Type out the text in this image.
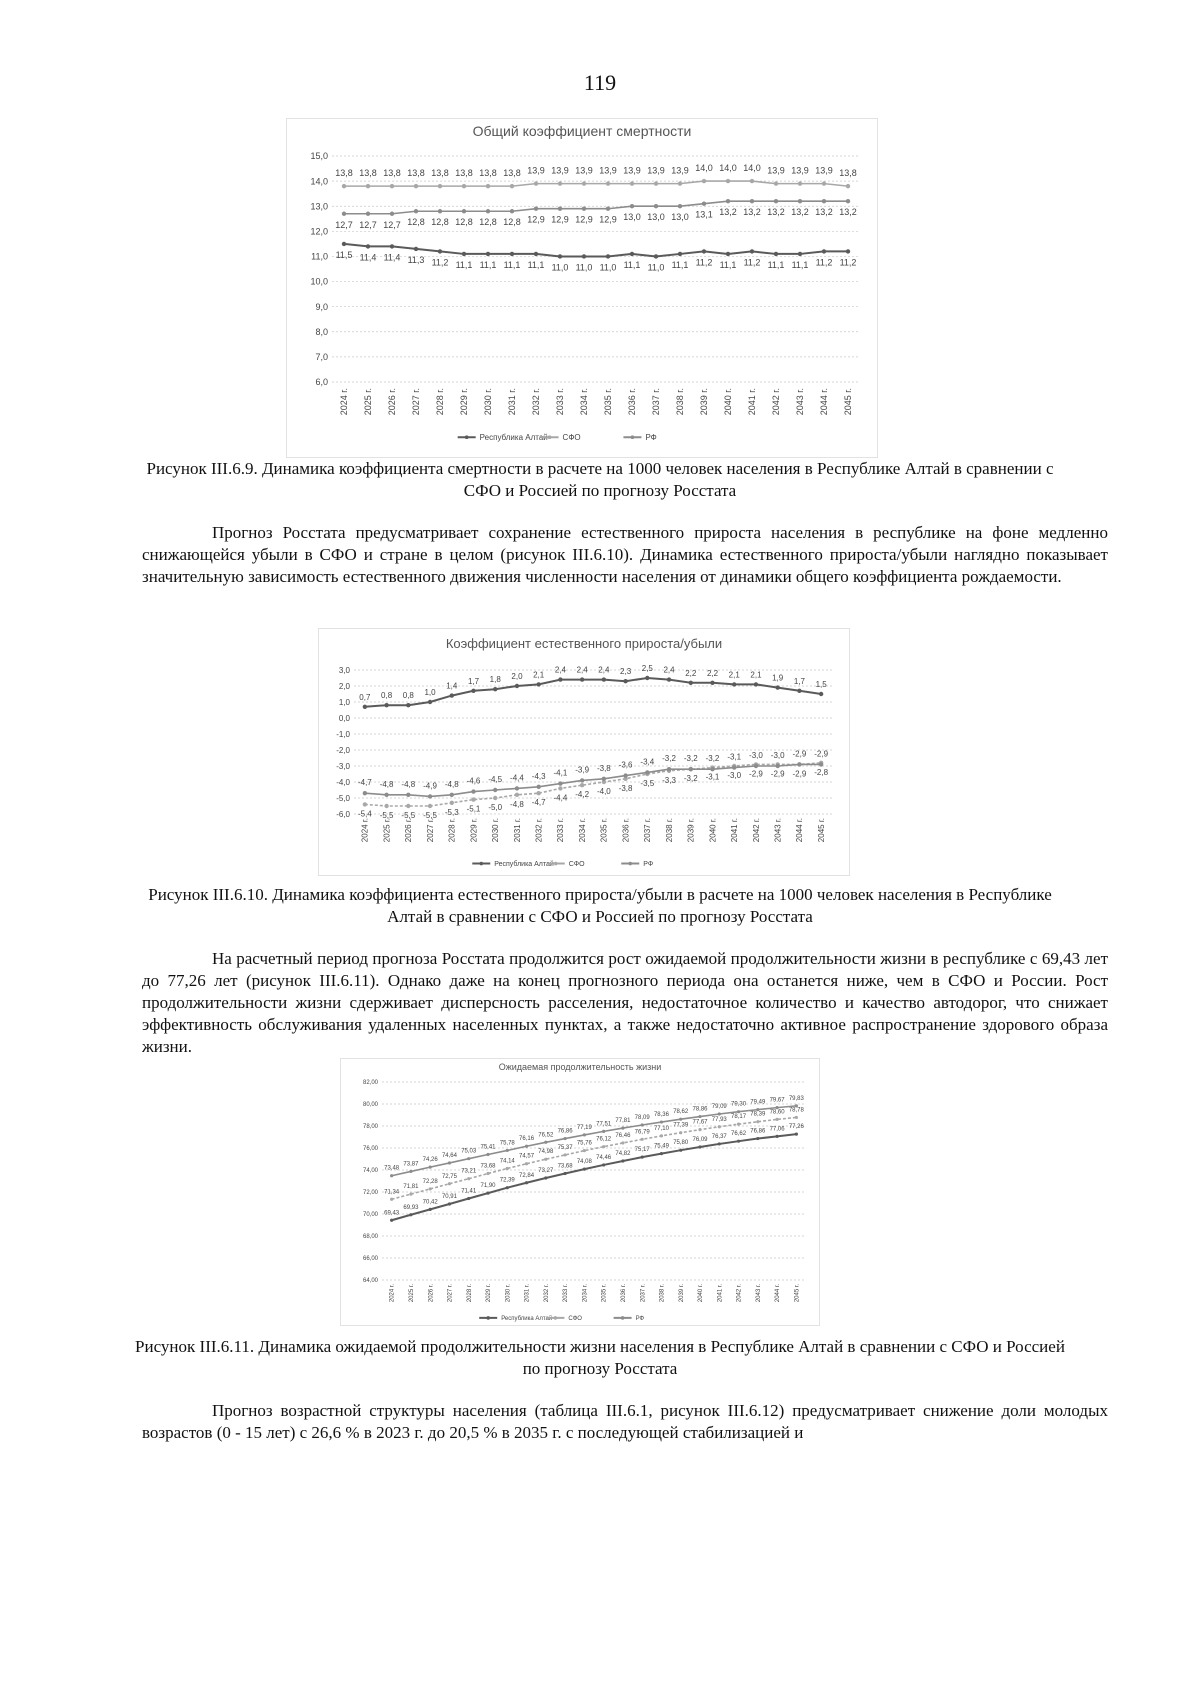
119
Общий коэффициент смертности
6,0
7,0
8,0
9,0
10,0
11,0
12,0
13,0
14,0
15,0
2024 г. 2025 г. 2026 г. 2027 г. 2028 г. 2029 г. 2030 г. 2031 г. 2032 г. 2033 г. 2034 г. 2035 г. 2036 г. 2037 г. 2038 г. 2039 г. 2040 г. 2041 г. 2042 г. 2043 г. 2044 г. 2045 г.
11,5 11,4 11,4 11,3 11,2 11,1 11,1 11,1 11,1 11,0 11,0 11,0 11,1 11,0 11,1 11,2 11,1 11,2 11,1 11,1 11,2 11,2
13,8 13,8 13,8 13,8 13,8 13,8 13,8 13,8 13,9 13,9 13,9 13,9 13,9 13,9 13,9 14,0 14,0 14,0 13,9 13,9 13,9 13,8
12,7 12,7 12,7 12,8 12,8 12,8 12,8 12,8 12,9 12,9 12,9 12,9 13,0 13,0 13,0 13,1 13,2 13,2 13,2 13,2 13,2 13,2
Республика Алтай СФО	РФ
Рисунок III.6.9. Динамика коэффициента смертности в расчете на 1000 человек населения в Республике Алтай в сравнении с СФО и Россией по прогнозу Росстата

Прогноз Росстата предусматривает сохранение естественного прироста населения в республике на фоне медленно снижающейся убыли в СФО и стране в целом (рисунок III.6.10). Динамика естественного прироста/убыли наглядно показывает значительную зависимость естественного движения численности населения от динамики общего коэффициента рождаемости.

Коэффициент естественного прироста/убыли
-6,0
-5,0
-4,0
-3,0
-2,0
-1,0
0,0
1,0
2,0
3,0
2024 г. 2025 г. 2026 г. 2027 г. 2028 г. 2029 г. 2030 г. 2031 г. 2032 г. 2033 г. 2034 г. 2035 г. 2036 г. 2037 г. 2038 г. 2039 г. 2040 г. 2041 г. 2042 г. 2043 г. 2044 г. 2045 г.
0,7 0,8 0,8 1,0
1,4
1,7 1,8 2,0 2,1
2,4 2,4 2,4 2,3 2,5 2,4 2,2 2,2 2,1 2,1 1,9 1,7 1,5
-5,4 -5,5 -5,5 -5,5 -5,3 -5,1 -5,0 -4,8 -4,7
-4,4 -4,2 -4,0 -3,8
-3,5 -3,3 -3,2 -3,1 -3,0 -2,9 -2,9 -2,9 -2,8
-4,7 -4,8 -4,8 -4,9 -4,8 -4,6 -4,5 -4,4 -4,3 -4,1 -3,9 -3,8 -3,6 -3,4 -3,2 -3,2 -3,2 -3,1 -3,0 -3,0 -2,9 -2,9
Республика Алтай СФО	РФ
Рисунок III.6.10. Динамика коэффициента естественного прироста/убыли в расчете на 1000 человек населения в Республике Алтай в сравнении с СФО и Россией по прогнозу Росстата

На расчетный период прогноза Росстата продолжится рост ожидаемой продолжительности жизни в республике с 69,43 лет до 77,26 лет (рисунок III.6.11). Однако даже на конец прогнозного периода она останется ниже, чем в СФО и России. Рост продолжительности жизни сдерживает дисперсность расселения, недостаточное количество и качество автодорог, что снижает эффективность обслуживания удаленных населенных пунктах, а также недостаточно активное распространение здорового образа жизни.

Ожидаемая продолжительность жизни
64,00
66,00
68,00
70,00
72,00
74,00
76,00
78,00
80,00
82,00
2024 г. 2025 г. 2026 г. 2027 г. 2028 г. 2029 г. 2030 г. 2031 г. 2032 г. 2033 г. 2034 г. 2035 г. 2036 г. 2037 г. 2038 г. 2039 г. 2040 г. 2041 г. 2042 г. 2043 г. 2044 г. 2045 г.
69,43
69,93
70,42
70,91
71,41
71,90
72,39
72,84
73,27
73,68
74,08
74,46
74,82
75,17
75,49
75,80
76,09
76,37 76,62 76,86 77,06 77,26
71,34
71,81
72,28
72,75
73,21
73,68
74,14
74,57
74,98
75,37
75,76
76,12
76,46
76,79
77,10
77,39
77,67 77,93 78,17 78,39 78,60 78,78
73,48
73,87
74,26
74,64
75,03
75,41
75,78
76,16
76,52
76,86
77,19
77,51
77,81
78,09 78,36 78,62 78,86 79,09 79,30 79,49 79,67 79,83
Республика Алтай	СФО	РФ
Рисунок III.6.11. Динамика ожидаемой продолжительности жизни населения в Республике Алтай в сравнении с СФО и Россией по прогнозу Росстата

Прогноз возрастной структуры населения (таблица III.6.1, рисунок III.6.12) предусматривает снижение доли молодых возрастов (0 - 15 лет) с 26,6 % в 2023 г. до 20,5 % в 2035 г. с последующей стабилизацией и
